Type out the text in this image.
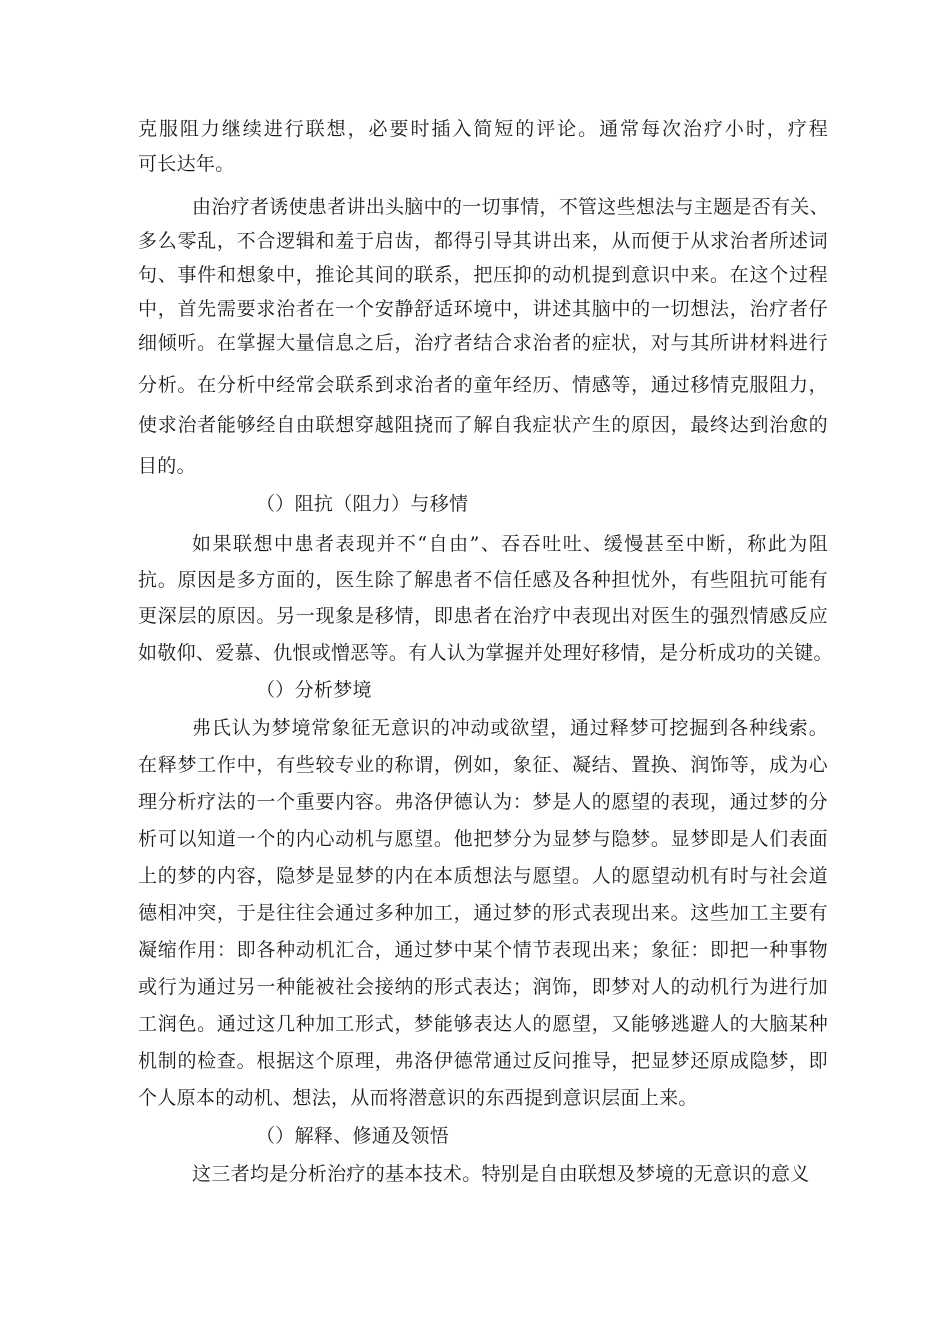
克服阻力继续进行联想，必要时插入简短的评论。通常每次治疗小时，疗程
可长达年。
由治疗者诱使患者讲出头脑中的一切事情，不管这些想法与主题是否有关、
多么零乱，不合逻辑和羞于启齿，都得引导其讲出来，从而便于从求治者所述词
句、事件和想象中，推论其间的联系，把压抑的动机提到意识中来。在这个过程
中，首先需要求治者在一个安静舒适环境中，讲述其脑中的一切想法，治疗者仔
细倾听。在掌握大量信息之后，治疗者结合求治者的症状，对与其所讲材料进行
分析。在分析中经常会联系到求治者的童年经历、情感等，通过移情克服阻力，
使求治者能够经自由联想穿越阻挠而了解自我症状产生的原因，最终达到治愈的
目的。
（）阻抗（阻力）与移情
如果联想中患者表现并不“自由”、吞吞吐吐、缓慢甚至中断，称此为阻
抗。原因是多方面的，医生除了解患者不信任感及各种担忧外，有些阻抗可能有
更深层的原因。另一现象是移情，即患者在治疗中表现出对医生的强烈情感反应
如敬仰、爱慕、仇恨或憎恶等。有人认为掌握并处理好移情，是分析成功的关键。
（）分析梦境
弗氏认为梦境常象征无意识的冲动或欲望，通过释梦可挖掘到各种线索。
在释梦工作中，有些较专业的称谓，例如，象征、凝结、置换、润饰等，成为心
理分析疗法的一个重要内容。弗洛伊德认为：梦是人的愿望的表现，通过梦的分
析可以知道一个的内心动机与愿望。他把梦分为显梦与隐梦。显梦即是人们表面
上的梦的内容，隐梦是显梦的内在本质想法与愿望。人的愿望动机有时与社会道
德相冲突，于是往往会通过多种加工，通过梦的形式表现出来。这些加工主要有
凝缩作用：即各种动机汇合，通过梦中某个情节表现出来；象征：即把一种事物
或行为通过另一种能被社会接纳的形式表达；润饰，即梦对人的动机行为进行加
工润色。通过这几种加工形式，梦能够表达人的愿望，又能够逃避人的大脑某种
机制的检查。根据这个原理，弗洛伊德常通过反问推导，把显梦还原成隐梦，即
个人原本的动机、想法，从而将潜意识的东西提到意识层面上来。
（）解释、修通及领悟
这三者均是分析治疗的基本技术。特别是自由联想及梦境的无意识的意义
